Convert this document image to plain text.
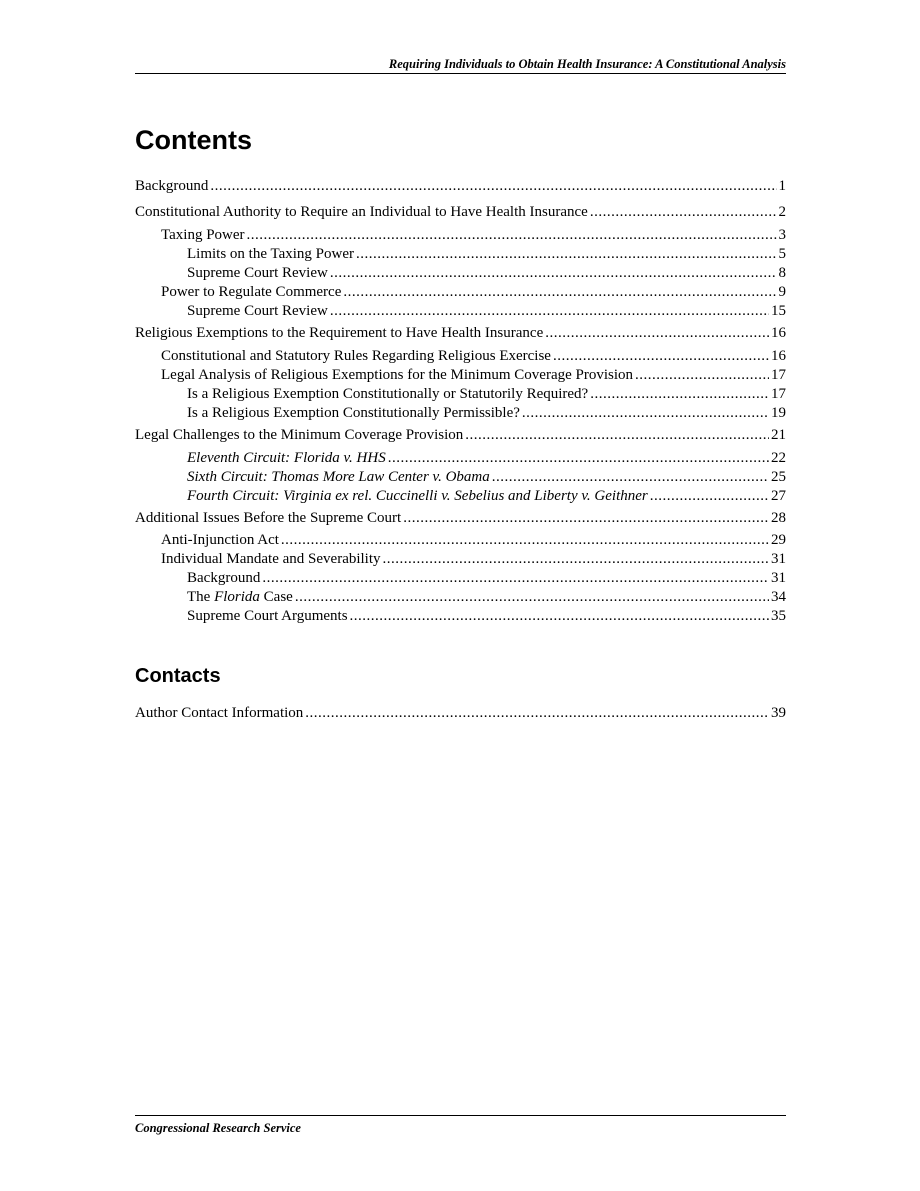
Requiring Individuals to Obtain Health Insurance: A Constitutional Analysis
Contents
Background .....	1
Constitutional Authority to Require an Individual to Have Health Insurance .....	2
Taxing Power .....	3
Limits on the Taxing Power .....	5
Supreme Court Review .....	8
Power to Regulate Commerce .....	9
Supreme Court Review .....	15
Religious Exemptions to the Requirement to Have Health Insurance .....	16
Constitutional and Statutory Rules Regarding Religious Exercise .....	16
Legal Analysis of Religious Exemptions for the Minimum Coverage Provision .....	17
Is a Religious Exemption Constitutionally or Statutorily Required? .....	17
Is a Religious Exemption Constitutionally Permissible? .....	19
Legal Challenges to the Minimum Coverage Provision .....	21
Eleventh Circuit: Florida v. HHS .....	22
Sixth Circuit: Thomas More Law Center v. Obama .....	25
Fourth Circuit: Virginia ex rel. Cuccinelli v. Sebelius and Liberty v. Geithner .....	27
Additional Issues Before the Supreme Court .....	28
Anti-Injunction Act .....	29
Individual Mandate and Severability .....	31
Background .....	31
The Florida Case .....	34
Supreme Court Arguments .....	35
Contacts
Author Contact Information .....	39
Congressional Research Service
